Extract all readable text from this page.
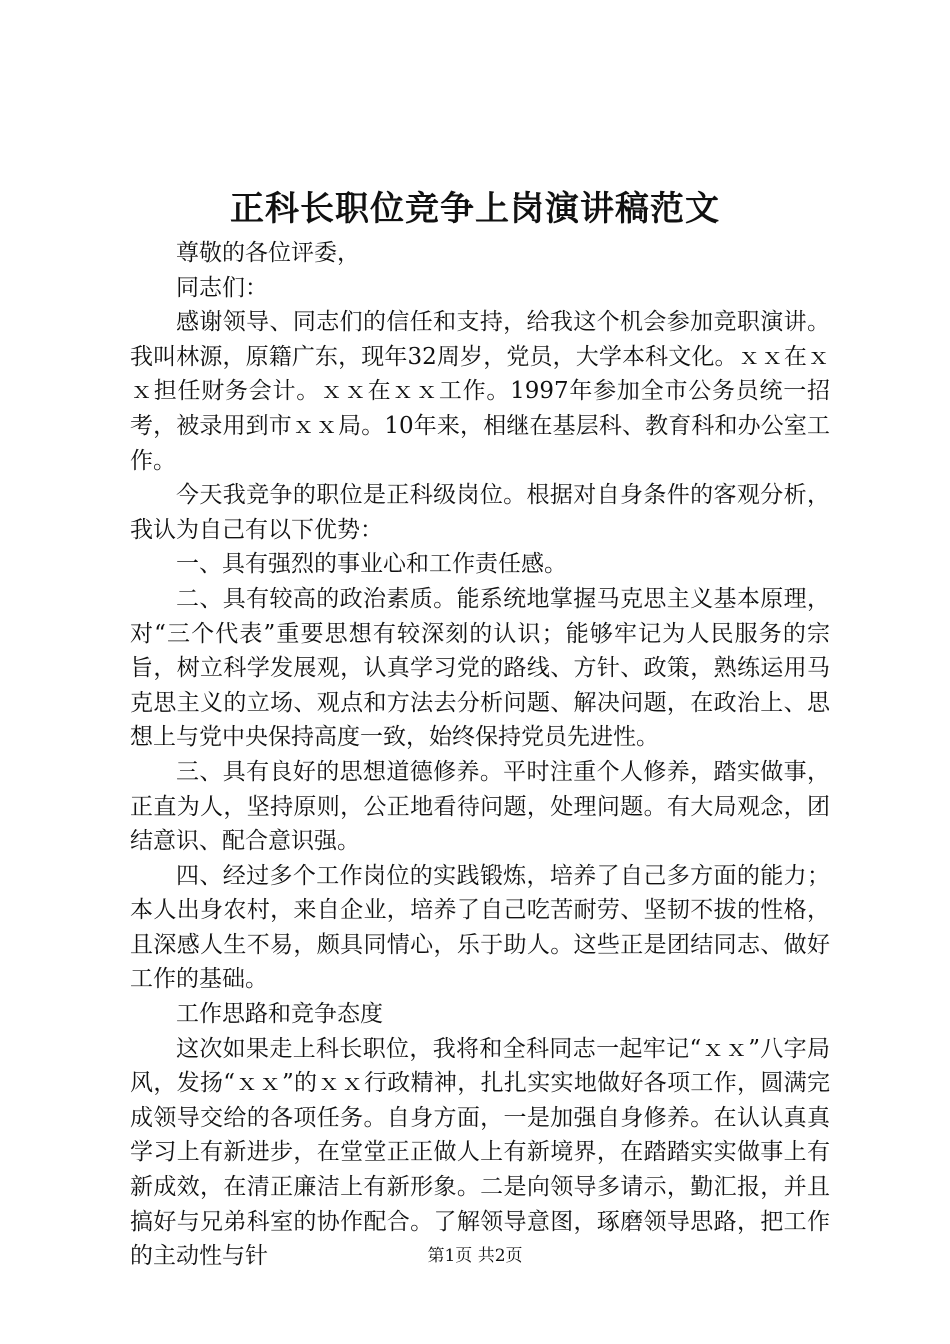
正科长职位竞争上岗演讲稿范文

尊敬的各位评委，

同志们：

感谢领导、同志们的信任和支持，给我这个机会参加竞职演讲。我叫林源，原籍广东，现年32周岁，党员，大学本科文化。ｘｘ在ｘｘ担任财务会计。ｘｘ在ｘｘ工作。1997年参加全市公务员统一招考，被录用到市ｘｘ局。10年来，相继在基层科、教育科和办公室工作。

今天我竞争的职位是正科级岗位。根据对自身条件的客观分析，我认为自己有以下优势：

一、具有强烈的事业心和工作责任感。

二、具有较高的政治素质。能系统地掌握马克思主义基本原理，对“三个代表”重要思想有较深刻的认识；能够牢记为人民服务的宗旨，树立科学发展观，认真学习党的路线、方针、政策，熟练运用马克思主义的立场、观点和方法去分析问题、解决问题，在政治上、思想上与党中央保持高度一致，始终保持党员先进性。

三、具有良好的思想道德修养。平时注重个人修养，踏实做事，正直为人，坚持原则，公正地看待问题，处理问题。有大局观念，团结意识、配合意识强。

四、经过多个工作岗位的实践锻炼，培养了自己多方面的能力；本人出身农村，来自企业，培养了自己吃苦耐劳、坚韧不拔的性格，且深感人生不易，颇具同情心，乐于助人。这些正是团结同志、做好工作的基础。

工作思路和竞争态度

这次如果走上科长职位，我将和全科同志一起牢记“ｘｘ”八字局风，发扬“ｘｘ”的ｘｘ行政精神，扎扎实实地做好各项工作，圆满完成领导交给的各项任务。自身方面，一是加强自身修养。在认认真真学习上有新进步，在堂堂正正做人上有新境界，在踏踏实实做事上有新成效，在清正廉洁上有新形象。二是向领导多请示，勤汇报，并且搞好与兄弟科室的协作配合。了解领导意图，琢磨领导思路，把工作的主动性与针	第1页 共2页
